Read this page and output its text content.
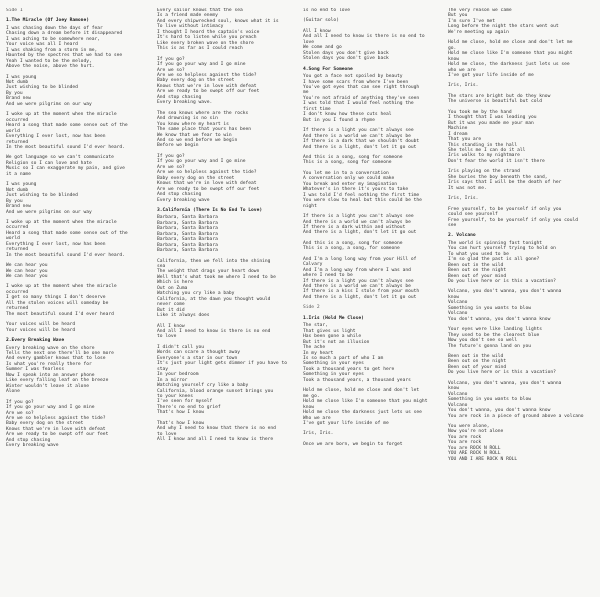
Side 1
1.The Miracle (Of Joey Ramone)
I was chasing down the days of fear
Chasing down a dream before it disappeared
I was aching to be somewhere near,
Your voice was all I heard
I was shaking from a storm in me,
Haunted by the spectres that we had to see
Yeah I wanted to be the melody,
Above the noise, above the hurt.
I was young
Not dumb
Just wishing to be blinded
By you
Brand new
And we were pilgrims on our way
I woke up at the moment when the miracle
occurred
Heard a song that made some sense out of the
world
Everything I ever lost, now has been
returned
In the most beautiful sound I'd ever heard.
We got language so we can't communicate
Religion so I can love and hate
Music so I can exaggerate my pain, and give
it a name
I was young
Not dumb
Just wishing to be blinded
By you
Brand new
And we were pilgrims on our way
I woke up at the moment when the miracle
occurred
Heard a song that made some sense out of the
world
Everything I ever lost, now has been
returned
In the most beautiful sound I'd ever heard.
We can hear you
We can hear you
We can hear you
I woke up at the moment when the miracle
occurred
I get so many things I don't deserve
All the stolen voices will someday be
returned
The most beautiful sound I'd ever heard
Your voices will be heard
Your voices will be heard
2.Every Breaking Wave
Every breaking wave on the shore
Tells the next one there'll be one more
And every gambler knows that to lose
Is what you're really there for
Summer I was fearless
Now I speak into an answer phone
Like every falling leaf on the breeze
Winter wouldn't leave it alone
Alone
If you go?
If you go your way and I go mine
Are we so?
Are we so helpless against the tide?
Baby every dog on the street
Knows that we're in love with defeat
Are we ready to be swept off our feet
And stop chasing
Every breaking wave
Every sailor knows that the sea
Is a friend made enemy
And every shipwrecked soul, knows what it is
To live without intimacy
I thought I heard the captain's voice
It's hard to listen while you preach
Like every broken wave on the shore
This is as far as I could reach
If you go?
If you go your way and I go mine
Are we so?
Are we so helpless against the tide?
Baby every dog on the street
Knows that we're in love with defeat
Are we ready to be swept off our feet
And stop chasing
Every breaking wave.
The sea knows where are the rocks
And drowning is no sin
You know where my heart is
The same place that yours has been
We know that we fear to win
And so we end before we begin
Before we begin
If you go?
If you go your way and I go mine
Are we so?
Are we so helpless against the tide?
Baby every dog on the street
Knows that we're in love with defeat
Are we ready to be swept off our feet
And stop chasing
Every breaking wave
3.California (There Is No End To Love)
Barbara, Santa Barbara
Barbara, Santa Barbara
Barbara, Santa Barbara
Barbara, Santa Barbara
Barbara, Santa Barbara
Barbara, Santa Barbara
Barbara, Santa Barbara
California, then we fell into the shining
sea
The weight that drags your heart down
Well that's what took me where I need to be
Which is here
Out on Zuma
Watching you cry like a baby
California, at the dawn you thought would
never come
But it did
Like it always does
All I know
And all I need to know is there is no end
to love
I didn't call you
Words can scare a thought away
Everyone's a star in our town
It's just your light gets dimmer if you have to
stay
In your bedroom
In a mirror
Watching yourself cry like a baby
California, blood orange sunset brings you
to your knees
I've seen for myself
There's no end to grief
That's how I know
That's how I know
And why I need to know that there is no end
to love
All I know and all I need to know is there
is no end to love
(Guitar solo)
All I know
And all I need to know is there is no end to
love
We come and go
Stolen days you don't give back
Stolen days you don't give back
4.Song For Someone
You got a face not spoiled by beauty
I have some scars from where I've been
You've got eyes that can see right through
me
You're not afraid of anything they've seen
I was told that I would feel nothing the
first time
I don't know how these cuts heal
But in you I found a rhyme
If there is a light you can't always see
And there is a world we can't always be
If there is a dark that we shouldn't doubt
And there is a light, don't let it go out
And this is a song, song for someone
This is a song, song for someone
You let me in to a conversation
A conversation only we could make
You break and enter my imagination
Whatever's in there it's yours to take
I was told I'd feel nothing the first time
You were slow to heal but this could be the
night
If there is a light you can't always see
And there is a world we can't always be
If there is a dark within and without
And there is a light, don't let it go out
And this is a song, song for someone
This is a song, a song, for someone
And I'm a long long way from your Hill of
Calvary
And I'm a long way from where I was and
where I need to be
If there is a light you can't always see
And there is a world we can't always be
If there is a kiss I stole from your mouth
And there is a light, don't let it go out
Side 2
1.Iris (Hold Me Close)
The star,
That gives us light
Has been gone a while
But it's not an illusion
The ache
In my heart
Is so much a part of who I am
Something in your eyes
Took a thousand years to get here
Something in your eyes
Took a thousand years, a thousand years
Hold me close, hold me close and don't let
me go.
Hold me close like I'm someone that you might
know
Hold me close the darkness just lets us see
Who we are
I've got your life inside of me
Iris, Iris.
Once we are born, we begin to forget
The very reason we came
But you
I'm sure I've met
Long before the night the stars went out
We're meeting up again
Hold me close, hold me close and don't let me
go.
Hold me close like I'm someone that you might
know
Hold me close, the darkness just lets us see
who we are
I've got your life inside of me
Iris, Iris.
The stars are bright but do they know
The universe is beautiful but cold
You took me by the hand
I thought that I was leading you
But it was you made me your man
Machine
I dream
That you are
This standing in the hall
She tells me I can do it all
Iris walks to my nightmare
Don't fear the world it isn't there
Iris playing on the strand
She buries the boy beneath the sand,
Iris says that I will be the death of her
It was not me.
Iris, Iris.
Free yourself, to be yourself if only you
could see yourself
Free yourself, to be yourself if only you could
see
2. Volcano
The world is spinning fast tonight
You can hurt yourself trying to hold on
To what you used to be
I'm so glad the past is all gone?
Been out in the wild
Been out on the night
Been out of your mind
Do you live here or is this a vacation?
Volcano, you don't wanna, you don't wanna
know
Volcano
Something in you wants to blow
Volcano
You don't wanna, you don't wanna know
Your eyes were like landing lights
They used to be the clearest blue
Now you don't see so well
The future's gonna land on you
Been out in the wild
Been out on the night
Been out of your mind
Do you live here or is this a vacation?
Volcano, you don't wanna, you don't wanna
know
Volcano
Something in you wants to blow
Volcano
You don't wanna, you don't wanna know
You are rock in a piece of ground above a volcano
You were alone,
Now you're not alone
You are rock
You are rock
You are ROCK N ROLL
YOU ARE ROCK N ROLL
YOU AND I ARE ROCK N ROLL
